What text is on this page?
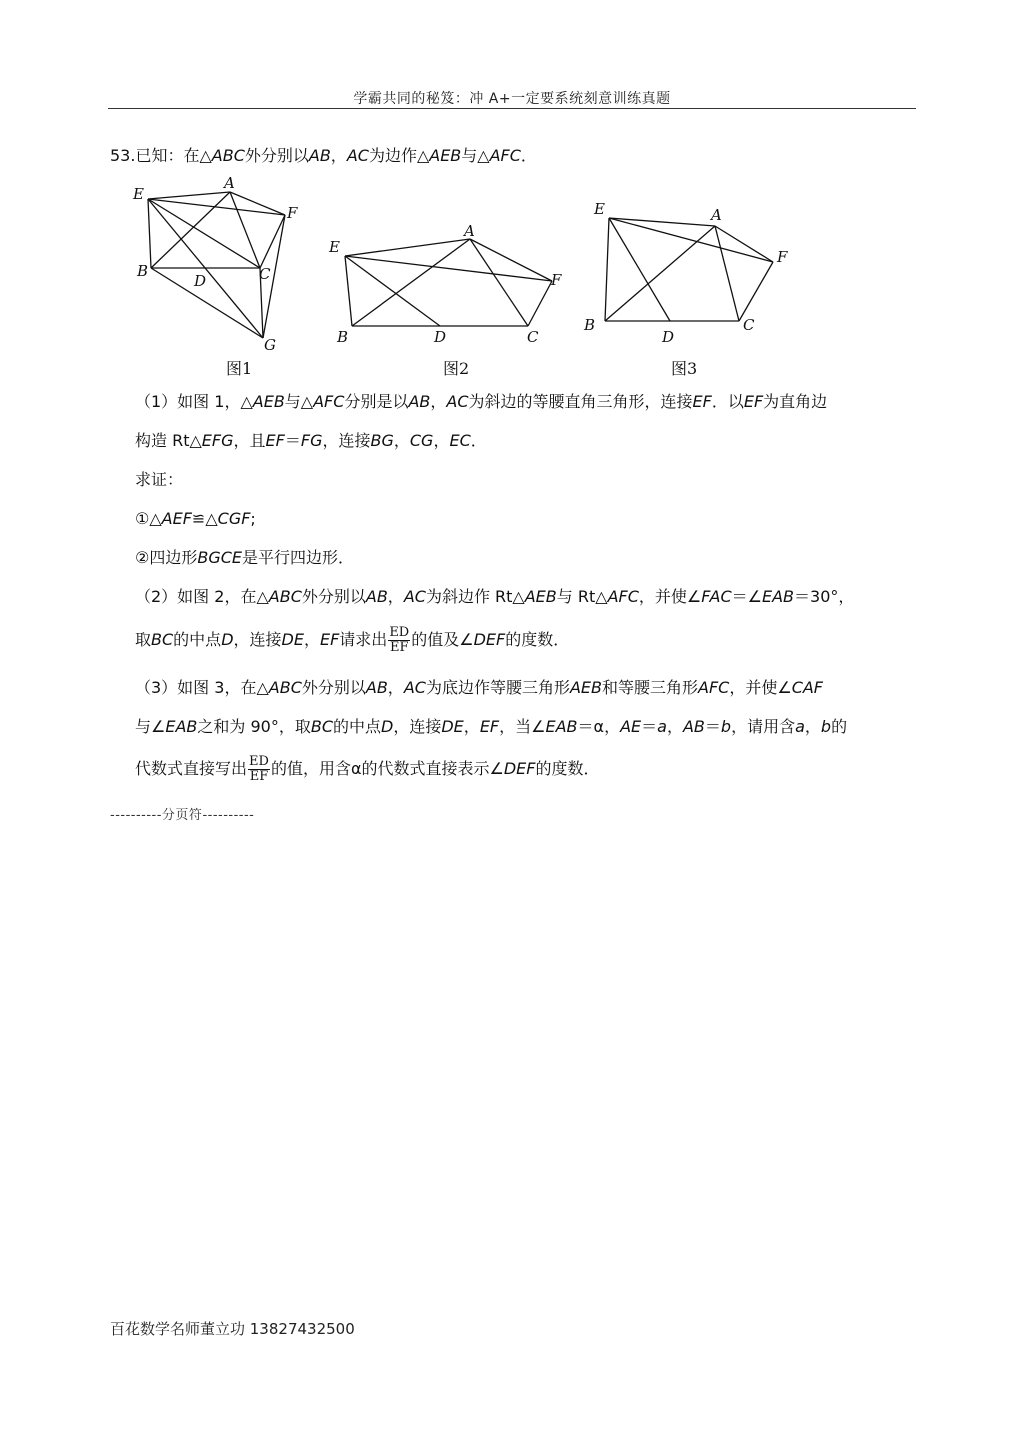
学霸共同的秘笈：冲 A+一定要系统刻意训练真题
53.已知：在△ABC外分别以AB，AC为边作△AEB与△AFC．
E
A
F
B
D	C
G
图1
E
A
F
B	D	C
图2
E	A
F
B
D
C
图3
（1）如图 1，△AEB与△AFC分别是以AB，AC为斜边的等腰直角三角形，连接EF．以EF为直角边
构造 Rt△EFG，且EF＝FG，连接BG，CG，EC．
求证：
①△AEF≌△CGF;
②四边形BGCE是平行四边形．
（2）如图 2，在△ABC外分别以AB，AC为斜边作 Rt△AEB与 Rt△AFC，并使∠FAC＝∠EAB＝30°，
取BC的中点D，连接DE，EF请求出 $\frac{ED}{EF}$ 的值及∠DEF的度数．
（3）如图 3，在△ABC外分别以AB，AC为底边作等腰三角形AEB和等腰三角形AFC，并使∠CAF
与∠EAB之和为 90°，取BC的中点D，连接DE，EF，当∠EAB＝α，AE＝a，AB＝b，请用含a，b的
代数式直接写出 $\frac{ED}{EF}$ 的值，用含α的代数式直接表示∠DEF的度数．
----------分页符----------
百花数学名师董立功 13827432500
